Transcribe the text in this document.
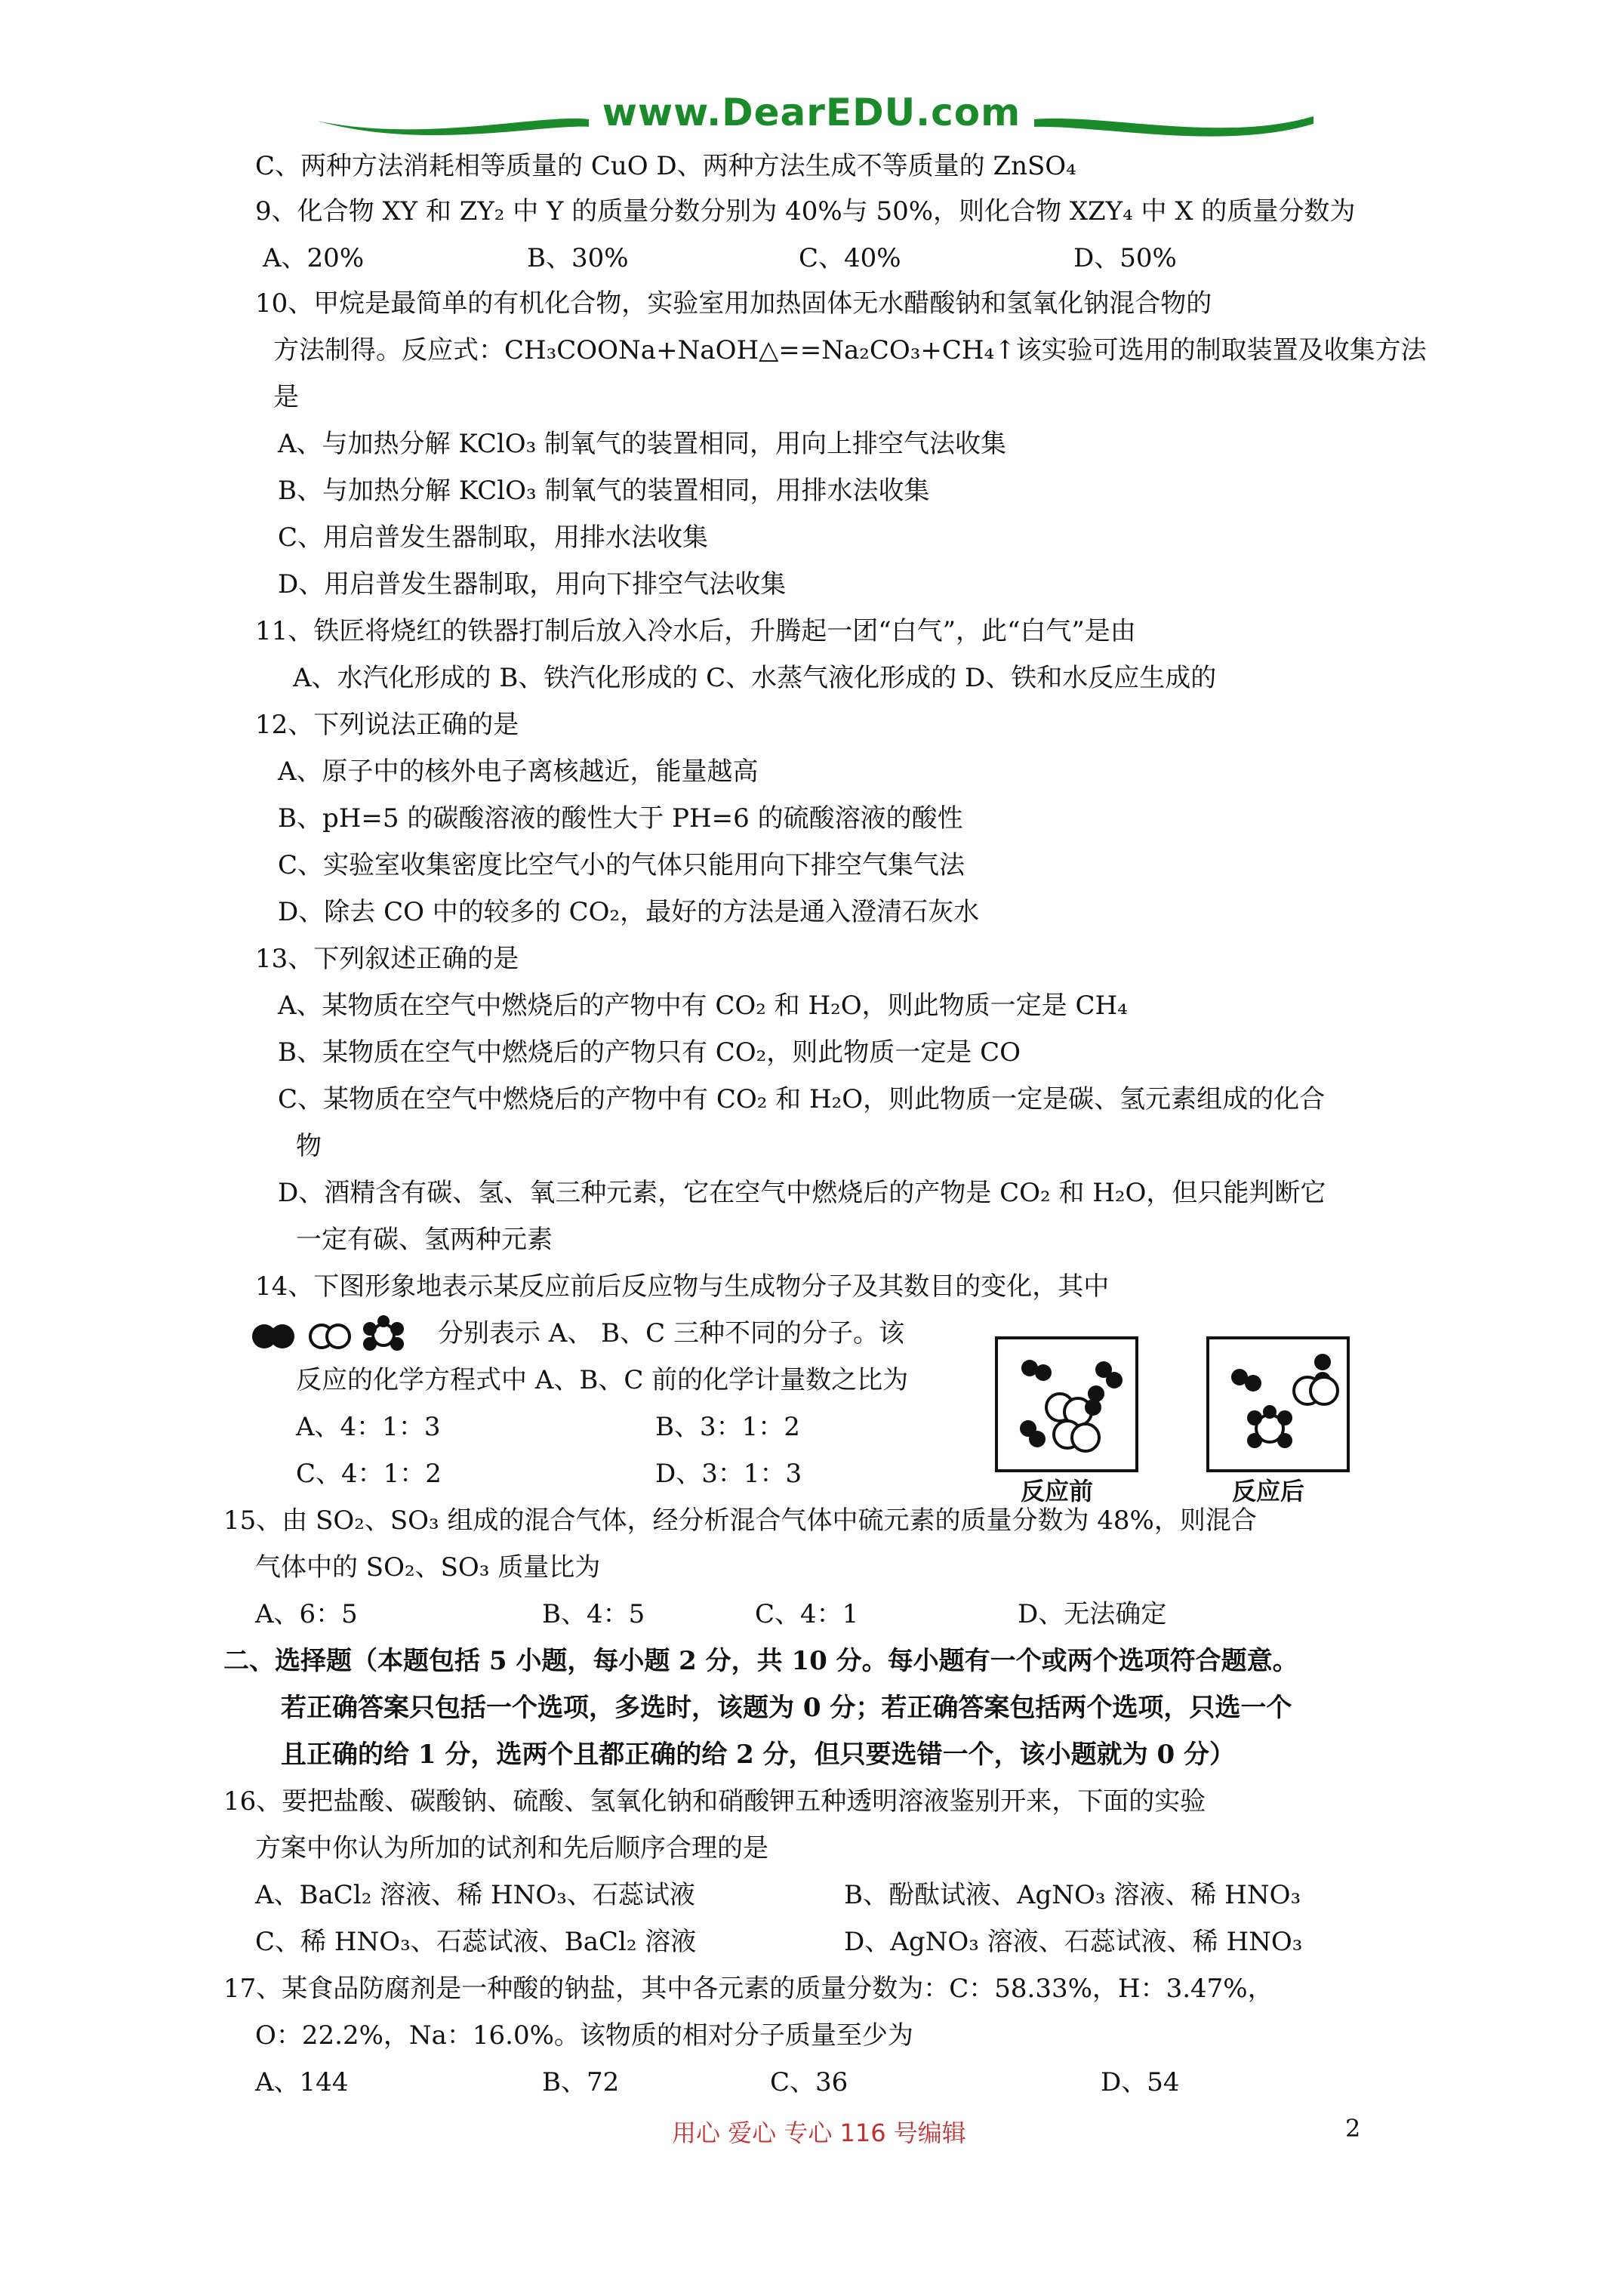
www.DearEDU.com
C、两种方法消耗相等质量的 CuO D、两种方法生成不等质量的 ZnSO₄
9、化合物 XY 和 ZY₂ 中 Y 的质量分数分别为 40%与 50%，则化合物 XZY₄ 中 X 的质量分数为
A、20%	B、30%	C、40%	D、50%
10、甲烷是最简单的有机化合物，实验室用加热固体无水醋酸钠和氢氧化钠混合物的
方法制得。反应式：CH₃COONa+NaOH△==Na₂CO₃+CH₄↑该实验可选用的制取装置及收集方法
是
A、与加热分解 KClO₃ 制氧气的装置相同，用向上排空气法收集
B、与加热分解 KClO₃ 制氧气的装置相同，用排水法收集
C、用启普发生器制取，用排水法收集
D、用启普发生器制取，用向下排空气法收集
11、铁匠将烧红的铁器打制后放入冷水后，升腾起一团“白气”，此“白气”是由
A、水汽化形成的 B、铁汽化形成的 C、水蒸气液化形成的 D、铁和水反应生成的
12、下列说法正确的是
A、原子中的核外电子离核越近，能量越高
B、pH=5 的碳酸溶液的酸性大于 PH=6 的硫酸溶液的酸性
C、实验室收集密度比空气小的气体只能用向下排空气集气法
D、除去 CO 中的较多的 CO₂，最好的方法是通入澄清石灰水
13、下列叙述正确的是
A、某物质在空气中燃烧后的产物中有 CO₂ 和 H₂O，则此物质一定是 CH₄
B、某物质在空气中燃烧后的产物只有 CO₂，则此物质一定是 CO
C、某物质在空气中燃烧后的产物中有 CO₂ 和 H₂O，则此物质一定是碳、氢元素组成的化合
物
D、酒精含有碳、氢、氧三种元素，它在空气中燃烧后的产物是 CO₂ 和 H₂O，但只能判断它
一定有碳、氢两种元素
14、下图形象地表示某反应前后反应物与生成物分子及其数目的变化，其中
分别表示 A、 B、C 三种不同的分子。该
反应的化学方程式中 A、B、C 前的化学计量数之比为
A、4：1：3	B、3：1：2
C、4：1：2	D、3：1：3
反应前	反应后
15、由 SO₂、SO₃ 组成的混合气体，经分析混合气体中硫元素的质量分数为 48%，则混合
气体中的 SO₂、SO₃ 质量比为
A、6：5	B、4：5	C、4：1	D、无法确定
二、选择题（本题包括 5 小题，每小题 2 分，共 10 分。每小题有一个或两个选项符合题意。
若正确答案只包括一个选项，多选时，该题为 0 分；若正确答案包括两个选项，只选一个
且正确的给 1 分，选两个且都正确的给 2 分，但只要选错一个，该小题就为 0 分）
16、要把盐酸、碳酸钠、硫酸、氢氧化钠和硝酸钾五种透明溶液鉴别开来，下面的实验
方案中你认为所加的试剂和先后顺序合理的是
A、BaCl₂ 溶液、稀 HNO₃、石蕊试液	B、酚酞试液、AgNO₃ 溶液、稀 HNO₃
C、稀 HNO₃、石蕊试液、BaCl₂ 溶液	D、AgNO₃ 溶液、石蕊试液、稀 HNO₃
17、某食品防腐剂是一种酸的钠盐，其中各元素的质量分数为：C：58.33%，H：3.47%，
O：22.2%，Na：16.0%。该物质的相对分子质量至少为
A、144	B、72	C、36	D、54
用心 爱心 专心 116 号编辑	2
